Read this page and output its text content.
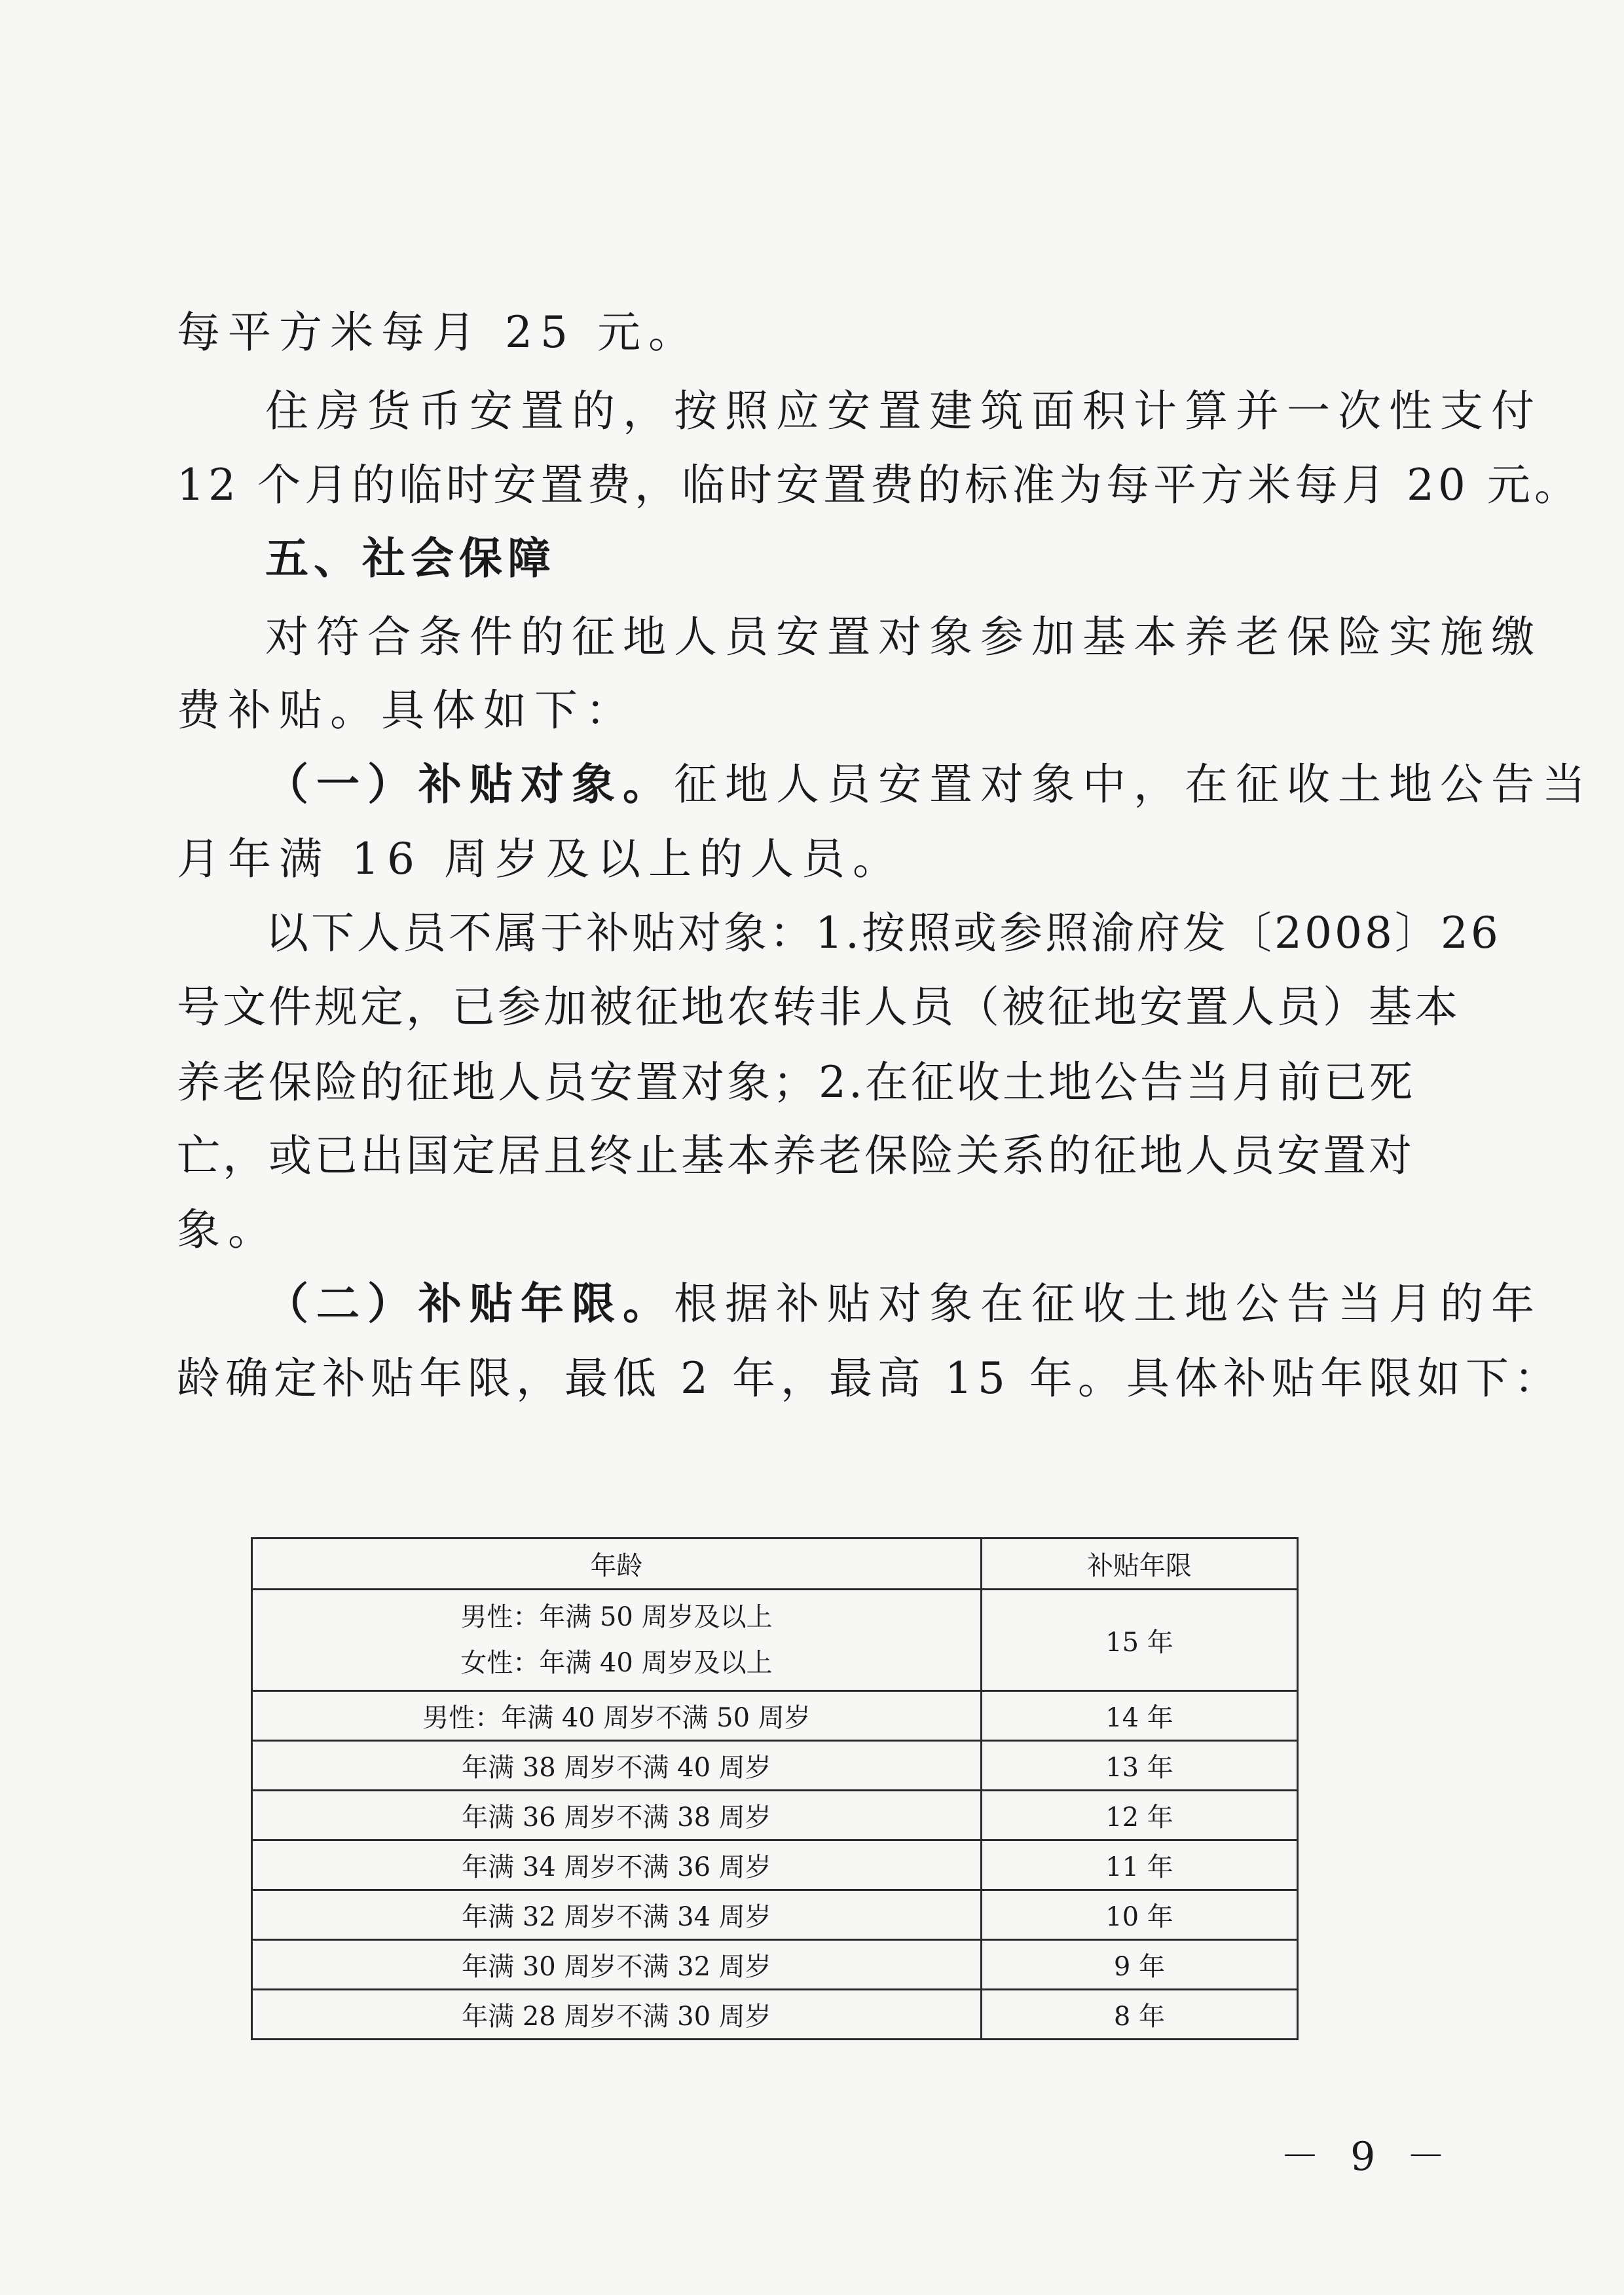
每平方米每月 25 元。
住房货币安置的，按照应安置建筑面积计算并一次性支付
12 个月的临时安置费，临时安置费的标准为每平方米每月 20 元。
五、社会保障
对符合条件的征地人员安置对象参加基本养老保险实施缴
费补贴。具体如下：
（一）补贴对象。征地人员安置对象中，在征收土地公告当
月年满 16 周岁及以上的人员。
以下人员不属于补贴对象：1.按照或参照渝府发〔2008〕26
号文件规定，已参加被征地农转非人员（被征地安置人员）基本
养老保险的征地人员安置对象；2.在征收土地公告当月前已死
亡，或已出国定居且终止基本养老保险关系的征地人员安置对
象。
（二）补贴年限。根据补贴对象在征收土地公告当月的年
龄确定补贴年限，最低 2 年，最高 15 年。具体补贴年限如下：
年龄	补贴年限

男性：年满 50 周岁及以上
女性：年满 40 周岁及以上	15 年
男性：年满 40 周岁不满 50 周岁	14 年
年满 38 周岁不满 40 周岁	13 年
年满 36 周岁不满 38 周岁	12 年
年满 34 周岁不满 36 周岁	11 年
年满 32 周岁不满 34 周岁	10 年
年满 30 周岁不满 32 周岁	9 年
年满 28 周岁不满 30 周岁	8 年
－ 9 －
